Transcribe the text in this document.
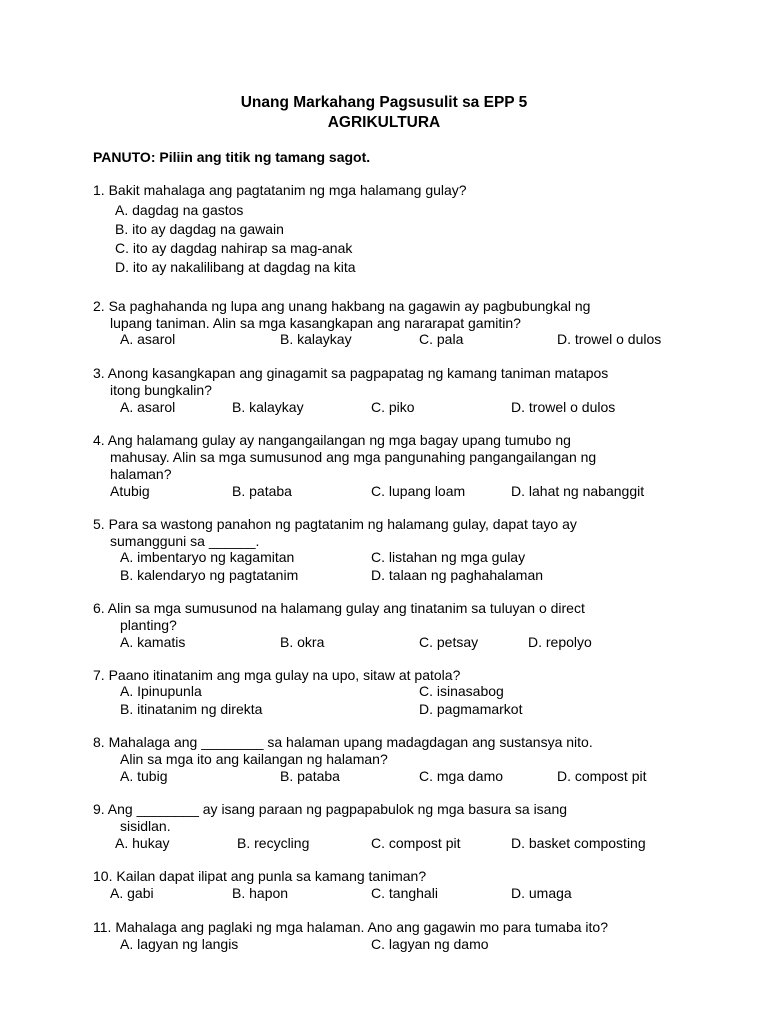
Unang Markahang Pagsusulit sa EPP 5
AGRIKULTURA
PANUTO: Piliin ang titik ng tamang sagot.
1. Bakit mahalaga ang pagtatanim ng mga halamang gulay?
A. dagdag na gastos
B. ito ay dagdag na gawain
C. ito ay dagdag nahirap sa mag-anak
D. ito ay nakalilibang at dagdag na kita
2. Sa paghahanda ng lupa ang unang hakbang na gagawin ay pagbubungkal ng
lupang taniman. Alin sa mga kasangkapan ang nararapat gamitin?
A. asarol	B. kalaykay	C. pala	D. trowel o dulos
3. Anong kasangkapan ang ginagamit sa pagpapatag ng kamang taniman matapos
itong bungkalin?
A. asarol	B. kalaykay	C. piko	D. trowel o dulos
4. Ang halamang gulay ay nangangailangan ng mga bagay upang tumubo ng
mahusay. Alin sa mga sumusunod ang mga pangunahing pangangailangan ng
halaman?
Atubig	B. pataba	C. lupang loam	D. lahat ng nabanggit
5. Para sa wastong panahon ng pagtatanim ng halamang gulay, dapat tayo ay
sumangguni sa ______.
A. imbentaryo ng kagamitan	C. listahan ng mga gulay
B. kalendaryo ng pagtatanim	D. talaan ng paghahalaman
6. Alin sa mga sumusunod na halamang gulay ang tinatanim sa tuluyan o direct
planting?
A. kamatis	B. okra	C. petsay	D. repolyo
7. Paano itinatanim ang mga gulay na upo, sitaw at patola?
A. Ipinupunla	C. isinasabog
B. itinatanim ng direkta	D. pagmamarkot
8. Mahalaga ang ________ sa halaman upang madagdagan ang sustansya nito.
Alin sa mga ito ang kailangan ng halaman?
A. tubig	B. pataba	C. mga damo	D. compost pit
9. Ang ________ ay isang paraan ng pagpapabulok ng mga basura sa isang
sisidlan.
A. hukay	B. recycling	C. compost pit	D. basket composting
10. Kailan dapat ilipat ang punla sa kamang taniman?
A. gabi	B. hapon	C. tanghali	D. umaga
11. Mahalaga ang paglaki ng mga halaman. Ano ang gagawin mo para tumaba ito?
A. lagyan ng langis	C. lagyan ng damo
